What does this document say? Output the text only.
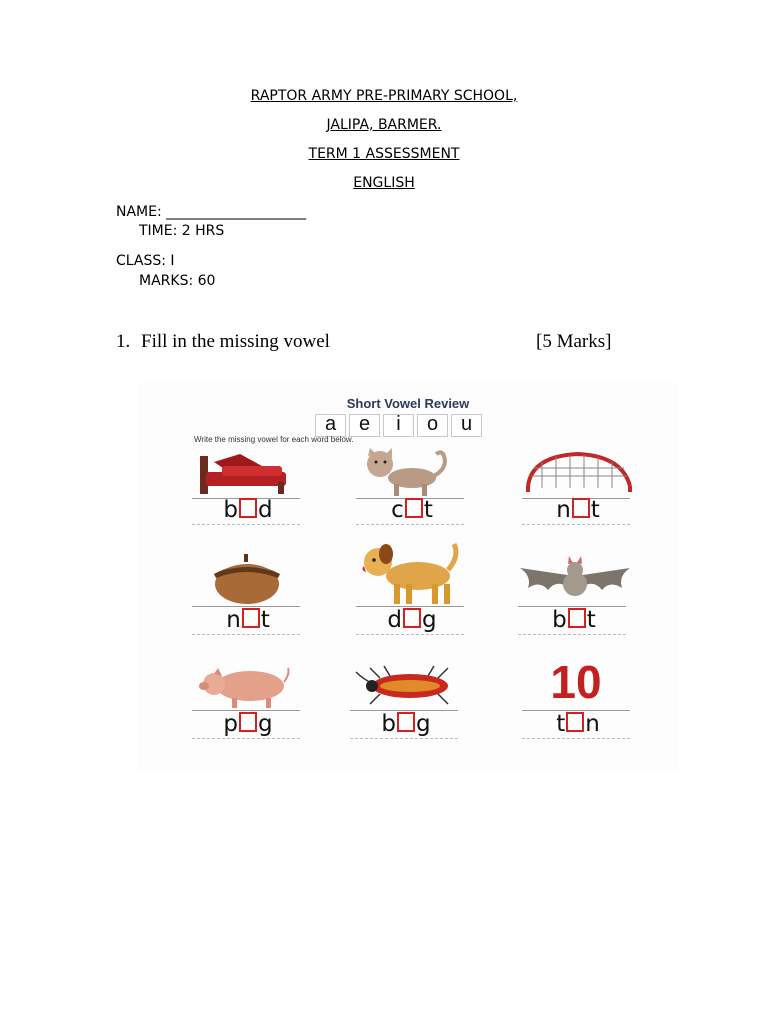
RAPTOR ARMY PRE-PRIMARY SCHOOL,
JALIPA, BARMER.
TERM 1 ASSESSMENT
ENGLISH
NAME: ____________________
TIME: 2 HRS
CLASS: I
MARKS: 60
1. Fill in the missing vowel	[5 Marks]
Short Vowel Review
a	e	i	o	u
Write the missing vowel for each word below.
b d	c t	n t
n t	d g	b t
p g	b g
10
t n
